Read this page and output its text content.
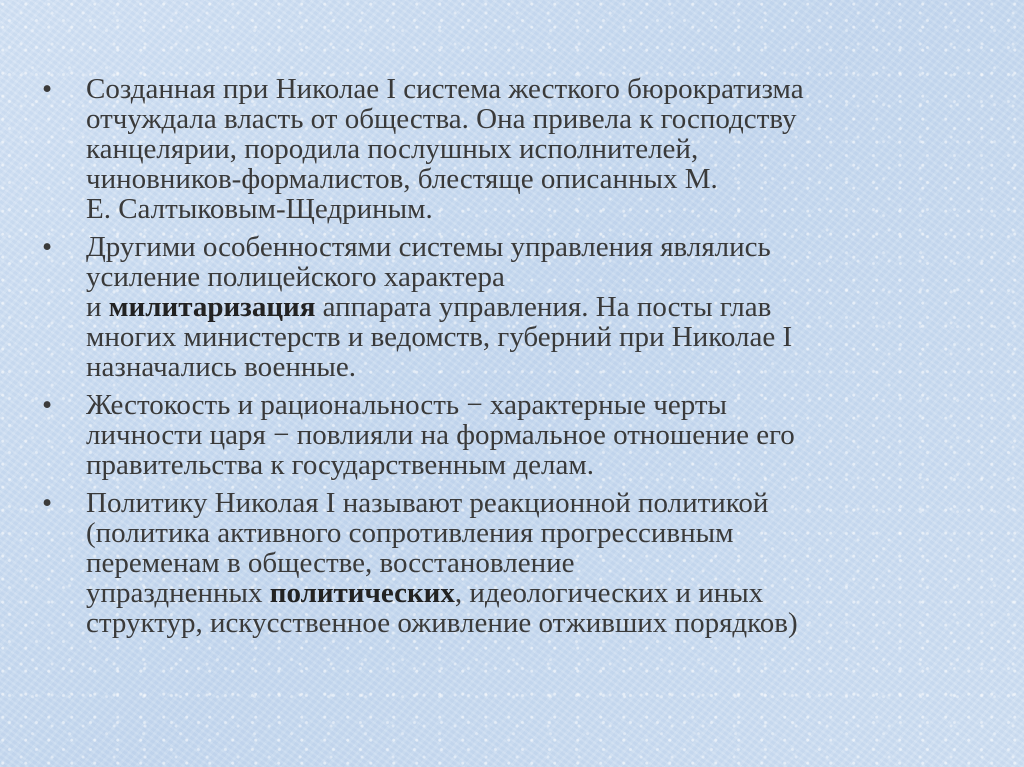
• Созданная при Николае I система жесткого бюрократизма
отчуждала власть от общества. Она привела к господству
канцелярии, породила послушных исполнителей,
чиновников-формалистов, блестяще описанных М.
Е. Салтыковым-Щедриным.
• Другими особенностями системы управления являлись
усиление полицейского характера
и милитаризация аппарата управления. На посты глав
многих министерств и ведомств, губерний при Николае I
назначались военные.
• Жестокость и рациональность − характерные черты
личности царя − повлияли на формальное отношение его
правительства к государственным делам.
• Политику Николая I называют реакционной политикой
(политика активного сопротивления прогрессивным
переменам в обществе, восстановление
упраздненных политических, идеологических и иных
структур, искусственное оживление отживших порядков)
